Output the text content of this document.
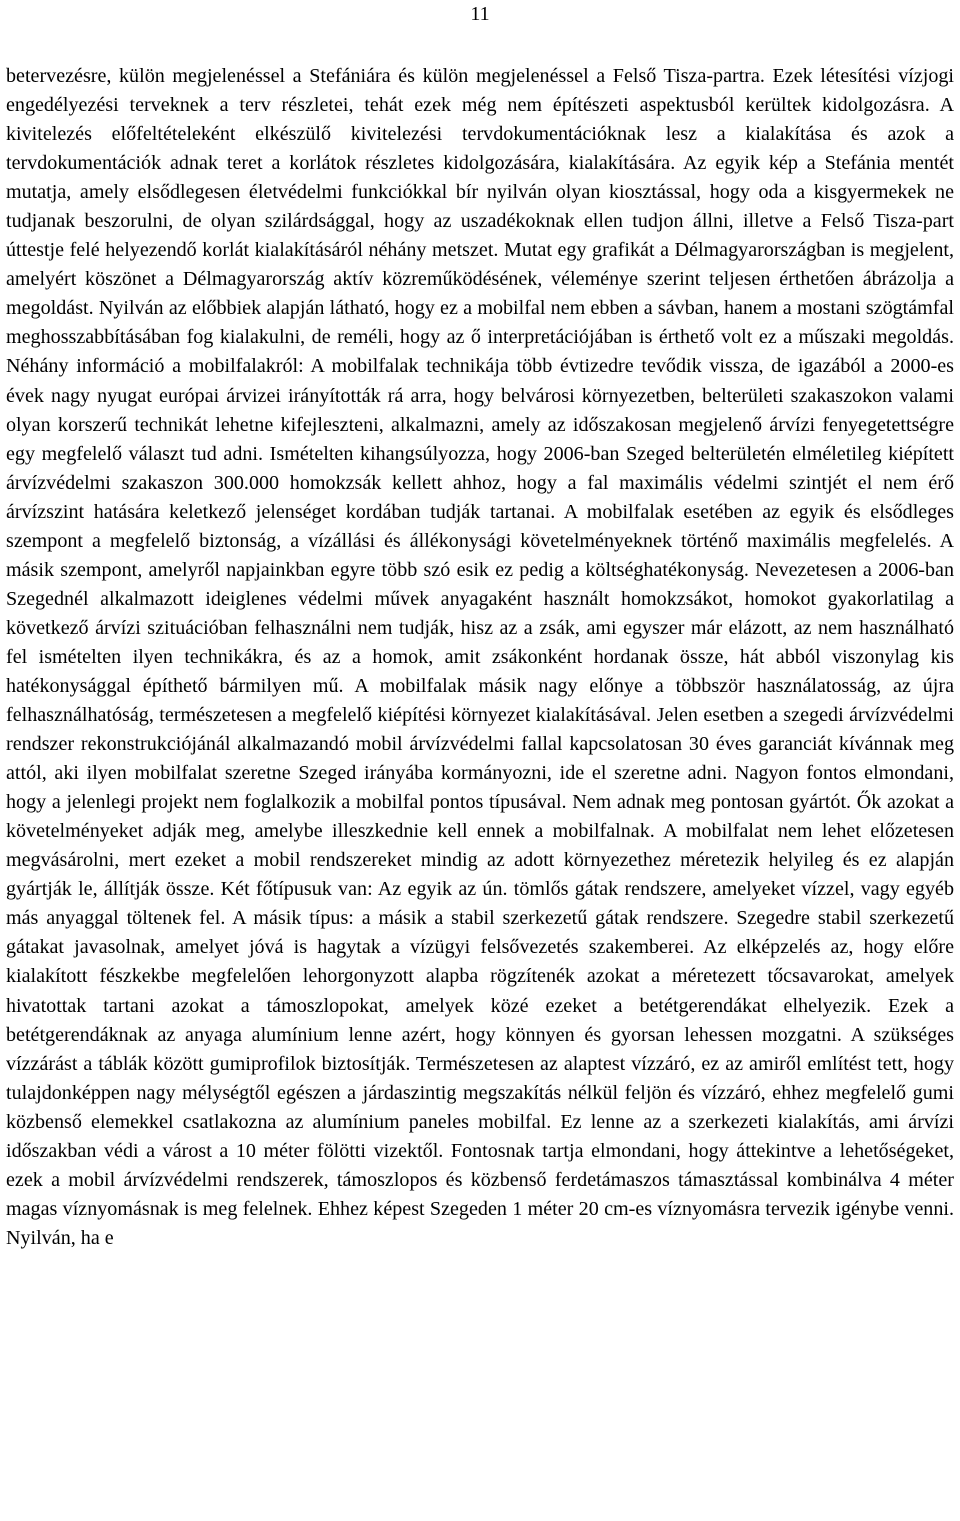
11

betervezésre, külön megjelenéssel a Stefániára és külön megjelenéssel a Felső Tisza-partra. Ezek létesítési vízjogi engedélyezési terveknek a terv részletei, tehát ezek még nem építészeti aspektusból kerültek kidolgozásra. A kivitelezés előfeltételeként elkészülő kivitelezési tervdokumentációknak lesz a kialakítása és azok a tervdokumentációk adnak teret a korlátok részletes kidolgozására, kialakítására. Az egyik kép a Stefánia mentét mutatja, amely elsődlegesen életvédelmi funkciókkal bír nyilván olyan kiosztással, hogy oda a kisgyermekek ne tudjanak beszorulni, de olyan szilárdsággal, hogy az uszadékoknak ellen tudjon állni, illetve a Felső Tisza-part úttestje felé helyezendő korlát kialakításáról néhány metszet. Mutat egy grafikát a Délmagyarországban is megjelent, amelyért köszönet a Délmagyarország aktív közreműködésének, véleménye szerint teljesen érthetően ábrázolja a megoldást. Nyilván az előbbiek alapján látható, hogy ez a mobilfal nem ebben a sávban, hanem a mostani szögtámfal meghosszabbításában fog kialakulni, de reméli, hogy az ő interpretációjában is érthető volt ez a műszaki megoldás. Néhány információ a mobilfalakról: A mobilfalak technikája több évtizedre tevődik vissza, de igazából a 2000-es évek nagy nyugat európai árvizei irányították rá arra, hogy belvárosi környezetben, belterületi szakaszokon valami olyan korszerű technikát lehetne kifejleszteni, alkalmazni, amely az időszakosan megjelenő árvízi fenyegetettségre egy megfelelő választ tud adni. Ismételten kihangsúlyozza, hogy 2006-ban Szeged belterületén elméletileg kiépített árvízvédelmi szakaszon 300.000 homokzsák kellett ahhoz, hogy a fal maximális védelmi szintjét el nem érő árvízszint hatására keletkező jelenséget kordában tudják tartanai. A mobilfalak esetében az egyik és elsődleges szempont a megfelelő biztonság, a vízállási és állékonysági követelményeknek történő maximális megfelelés. A másik szempont, amelyről napjainkban egyre több szó esik ez pedig a költséghatékonyság. Nevezetesen a 2006-ban Szegednél alkalmazott ideiglenes védelmi művek anyagaként használt homokzsákot, homokot gyakorlatilag a következő árvízi szituációban felhasználni nem tudják, hisz az a zsák, ami egyszer már elázott, az nem használható fel ismételten ilyen technikákra, és az a homok, amit zsákonként hordanak össze, hát abból viszonylag kis hatékonysággal építhető bármilyen mű. A mobilfalak másik nagy előnye a többször használatosság, az újra felhasználhatóság, természetesen a megfelelő kiépítési környezet kialakításával. Jelen esetben a szegedi árvízvédelmi rendszer rekonstrukciójánál alkalmazandó mobil árvízvédelmi fallal kapcsolatosan 30 éves garanciát kívánnak meg attól, aki ilyen mobilfalat szeretne Szeged irányába kormányozni, ide el szeretne adni. Nagyon fontos elmondani, hogy a jelenlegi projekt nem foglalkozik a mobilfal pontos típusával. Nem adnak meg pontosan gyártót. Ők azokat a követelményeket adják meg, amelybe illeszkednie kell ennek a mobilfalnak. A mobilfalat nem lehet előzetesen megvásárolni, mert ezeket a mobil rendszereket mindig az adott környezethez méretezik helyileg és ez alapján gyártják le, állítják össze. Két főtípusuk van: Az egyik az ún. tömlős gátak rendszere, amelyeket vízzel, vagy egyéb más anyaggal töltenek fel. A másik típus: a másik a stabil szerkezetű gátak rendszere. Szegedre stabil szerkezetű gátakat javasolnak, amelyet jóvá is hagytak a vízügyi felsővezetés szakemberei. Az elképzelés az, hogy előre kialakított fészkekbe megfelelően lehorgonyzott alapba rögzítenék azokat a méretezett tőcsavarokat, amelyek hivatottak tartani azokat a támoszlopokat, amelyek közé ezeket a betétgerendákat elhelyezik. Ezek a betétgerendáknak az anyaga alumínium lenne azért, hogy könnyen és gyorsan lehessen mozgatni. A szükséges vízzárást a táblák között gumiprofilok biztosítják. Természetesen az alaptest vízzáró, ez az amiről említést tett, hogy tulajdonképpen nagy mélységtől egészen a járdaszintig megszakítás nélkül feljön és vízzáró, ehhez megfelelő gumi közbenső elemekkel csatlakozna az alumínium paneles mobilfal. Ez lenne az a szerkezeti kialakítás, ami árvízi időszakban védi a várost a 10 méter fölötti vizektől. Fontosnak tartja elmondani, hogy áttekintve a lehetőségeket, ezek a mobil árvízvédelmi rendszerek, támoszlopos és közbenső ferdetámaszos támasztással kombinálva 4 méter magas víznyomásnak is meg felelnek. Ehhez képest Szegeden 1 méter 20 cm-es víznyomásra tervezik igénybe venni. Nyilván, ha e
